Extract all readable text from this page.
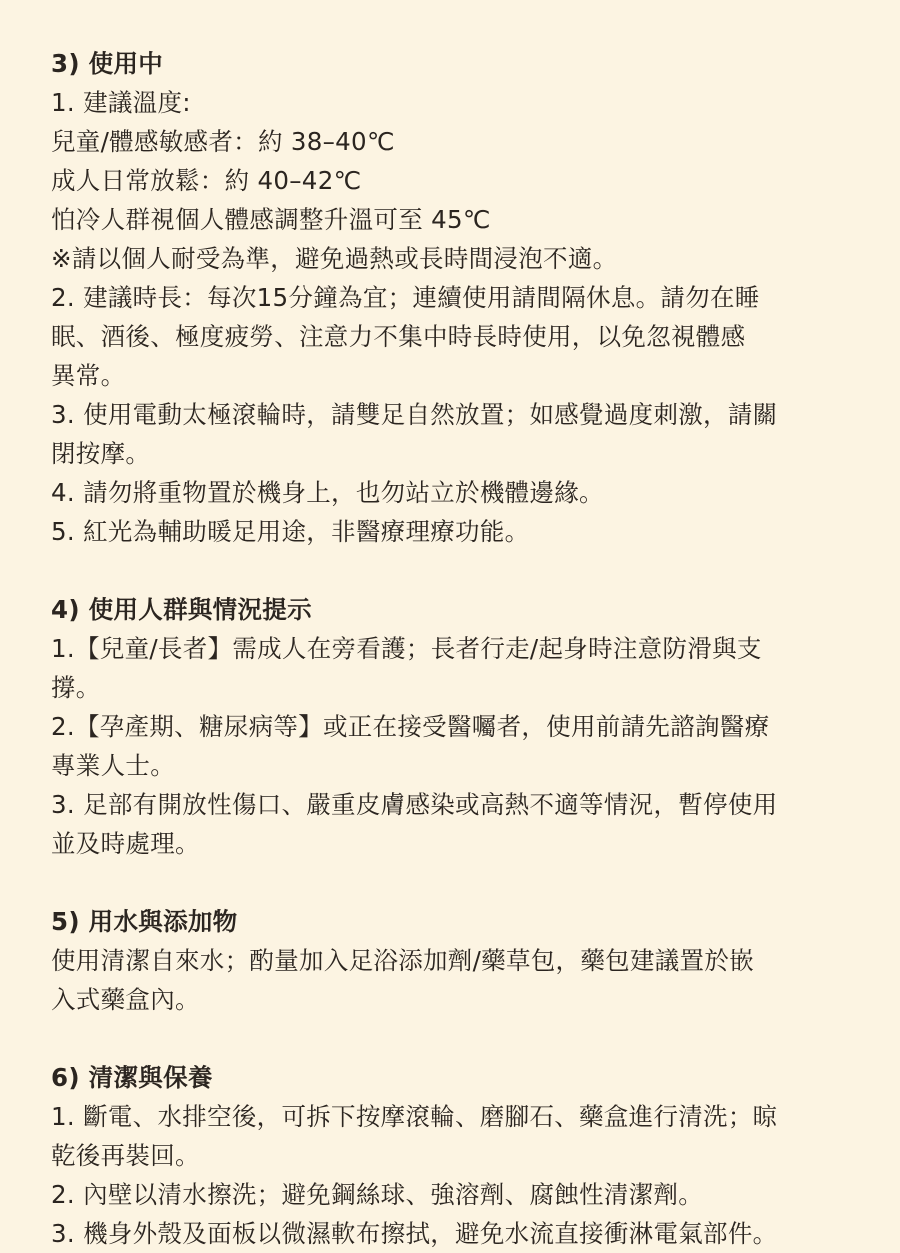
3) 使用中
1. 建議溫度:
兒童/體感敏感者：約 38–40℃
成人日常放鬆：約 40–42℃
怕冷人群視個人體感調整升溫可至 45℃
※請以個人耐受為準，避免過熱或長時間浸泡不適。
2. 建議時長：每次15分鐘為宜；連續使用請間隔休息。請勿在睡
眠、酒後、極度疲勞、注意力不集中時長時使用，以免忽視體感
異常。
3. 使用電動太極滾輪時，請雙足自然放置；如感覺過度刺激，請關
閉按摩。
4. 請勿將重物置於機身上，也勿站立於機體邊緣。
5. 紅光為輔助暖足用途，非醫療理療功能。
4) 使用人群與情況提示
1.【兒童/長者】需成人在旁看護；長者行走/起身時注意防滑與支
撐。
2.【孕產期、糖尿病等】或正在接受醫囑者，使用前請先諮詢醫療
專業人士。
3. 足部有開放性傷口、嚴重皮膚感染或高熱不適等情況，暫停使用
並及時處理。
5) 用水與添加物
使用清潔自來水；酌量加入足浴添加劑/藥草包，藥包建議置於嵌
入式藥盒內。
6) 清潔與保養
1. 斷電、水排空後，可拆下按摩滾輪、磨腳石、藥盒進行清洗；晾
乾後再裝回。
2. 內壁以清水擦洗；避免鋼絲球、強溶劑、腐蝕性清潔劑。
3. 機身外殼及面板以微濕軟布擦拭，避免水流直接衝淋電氣部件。
